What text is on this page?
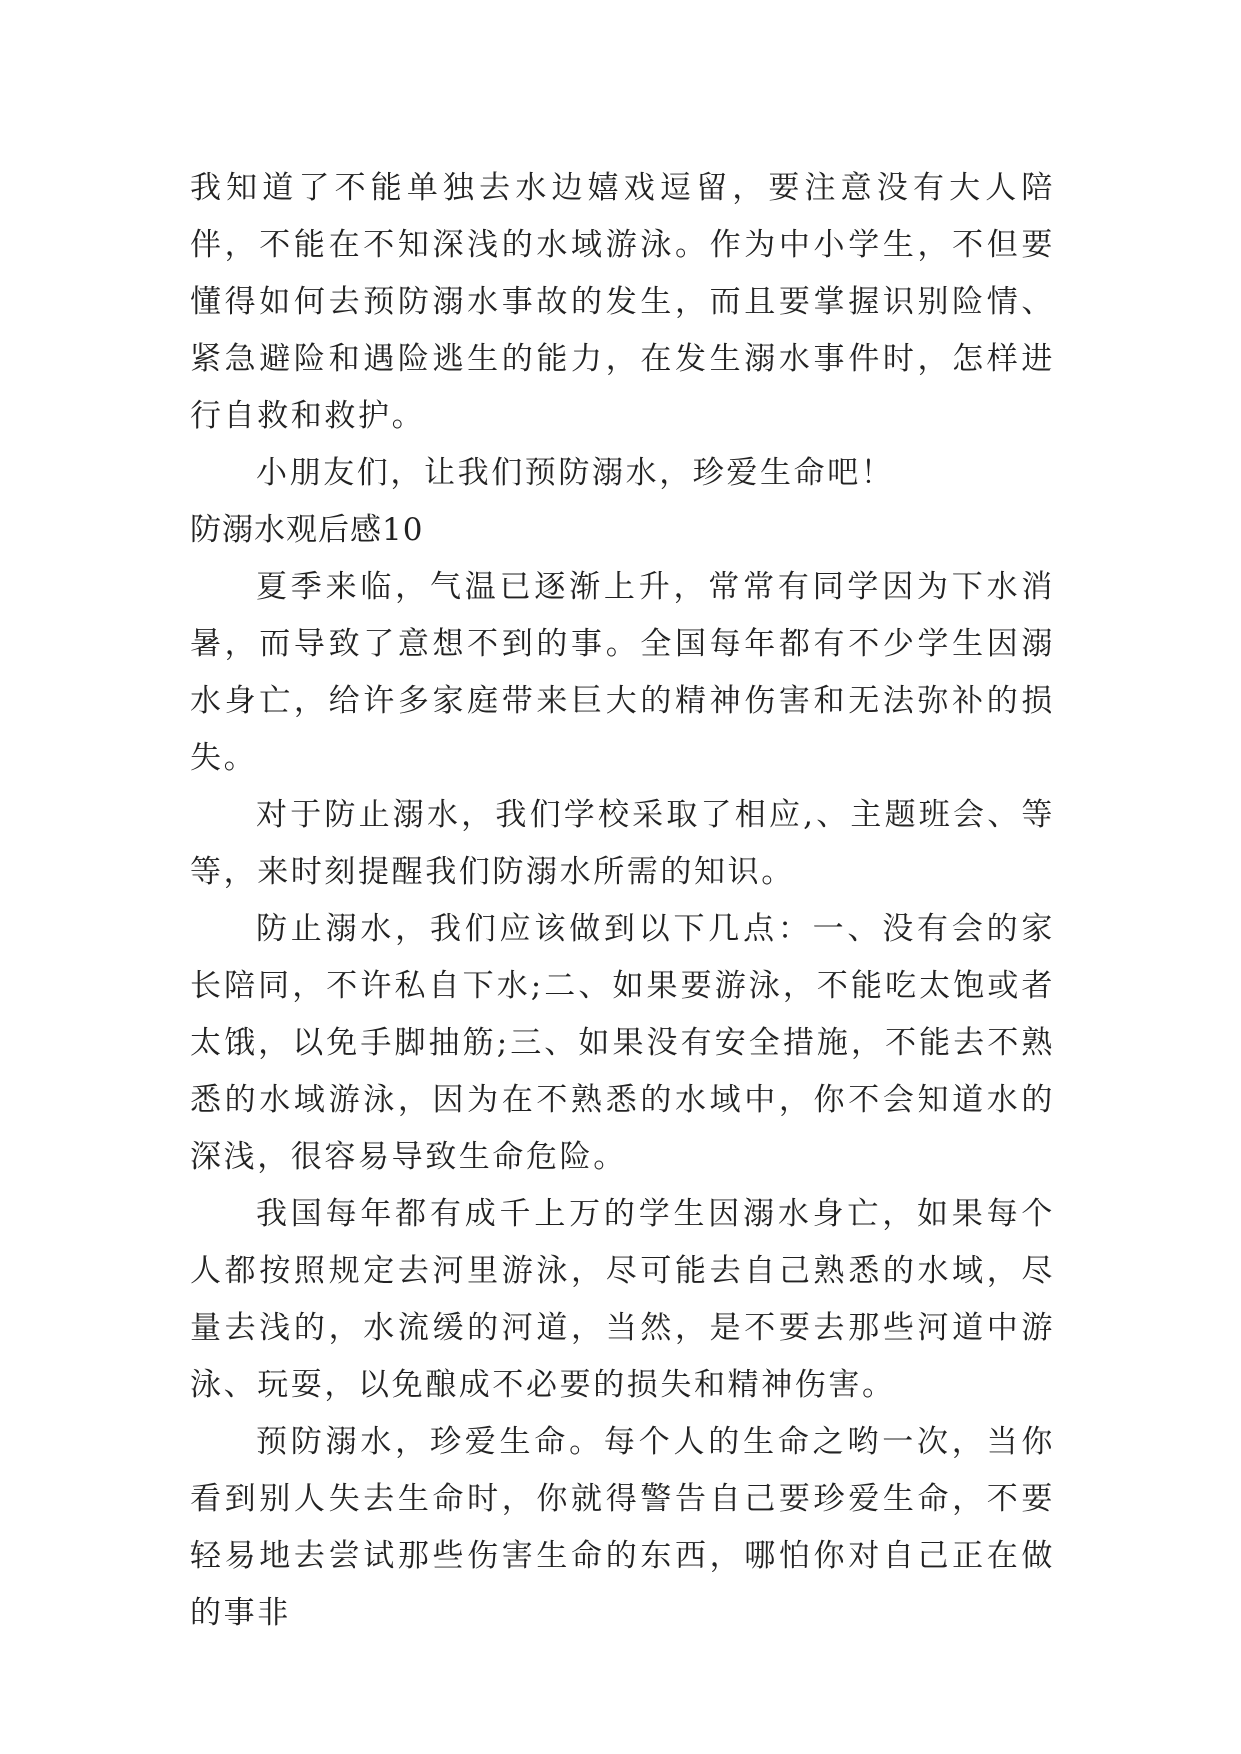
我知道了不能单独去水边嬉戏逗留，要注意没有大人陪伴，不能在不知深浅的水域游泳。作为中小学生，不但要懂得如何去预防溺水事故的发生，而且要掌握识别险情、紧急避险和遇险逃生的能力，在发生溺水事件时，怎样进行自救和救护。

小朋友们，让我们预防溺水，珍爱生命吧！

防溺水观后感10

夏季来临，气温已逐渐上升，常常有同学因为下水消暑，而导致了意想不到的事。全国每年都有不少学生因溺水身亡，给许多家庭带来巨大的精神伤害和无法弥补的损失。

对于防止溺水，我们学校采取了相应,、主题班会、等等，来时刻提醒我们防溺水所需的知识。

防止溺水，我们应该做到以下几点：一、没有会的家长陪同，不许私自下水;二、如果要游泳，不能吃太饱或者太饿，以免手脚抽筋;三、如果没有安全措施，不能去不熟悉的水域游泳，因为在不熟悉的水域中，你不会知道水的深浅，很容易导致生命危险。

我国每年都有成千上万的学生因溺水身亡，如果每个人都按照规定去河里游泳，尽可能去自己熟悉的水域，尽量去浅的，水流缓的河道，当然，是不要去那些河道中游泳、玩耍，以免酿成不必要的损失和精神伤害。

预防溺水，珍爱生命。每个人的生命之哟一次，当你看到别人失去生命时，你就得警告自己要珍爱生命，不要轻易地去尝试那些伤害生命的东西，哪怕你对自己正在做的事非
